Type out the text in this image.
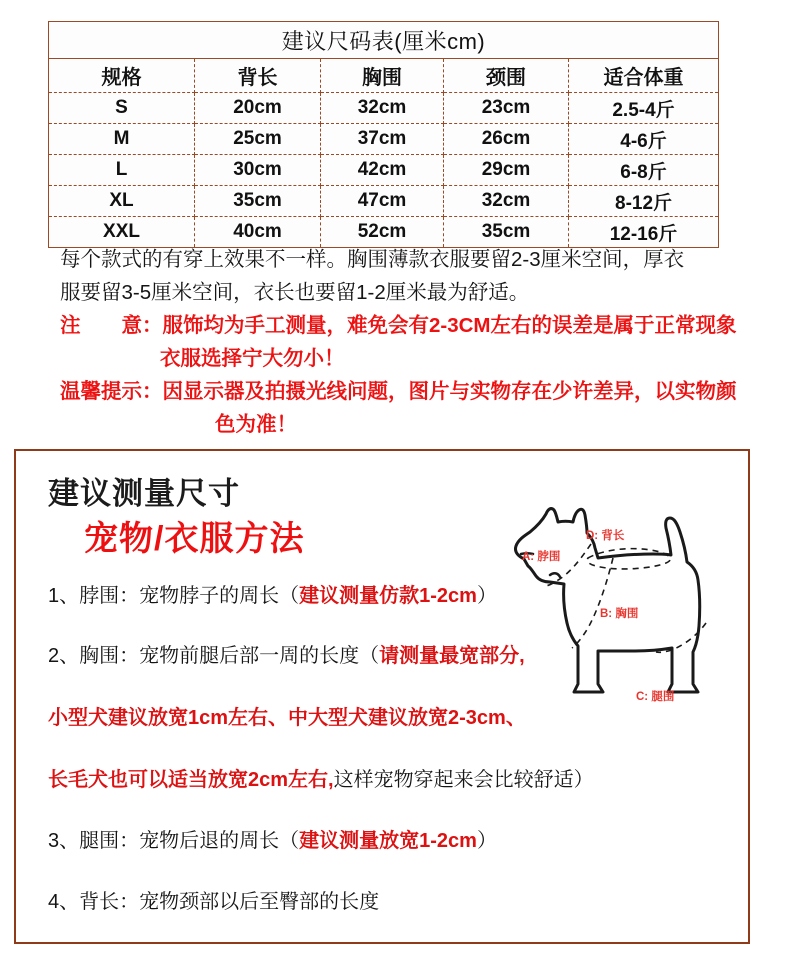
建议尺码表(厘米cm)				
规格	背长	胸围	颈围	适合体重
S	20cm	32cm	23cm	2.5-4斤
M	25cm	37cm	26cm	4-6斤
L	30cm	42cm	29cm	6-8斤
XL	35cm	47cm	32cm	8-12斤
XXL	40cm	52cm	35cm	12-16斤
每个款式的有穿上效果不一样。胸围薄款衣服要留2-3厘米空间，厚衣
服要留3-5厘米空间，衣长也要留1-2厘米最为舒适。
注　　意：服饰均为手工测量，难免会有2-3CM左右的误差是属于正常现象
衣服选择宁大勿小！
温馨提示：因显示器及拍摄光线问题，图片与实物存在少许差异，以实物颜
色为准！
建议测量尺寸
宠物/衣服方法
1、脖围：宠物脖子的周长（建议测量仿款1-2cm）
2、胸围：宠物前腿后部一周的长度（请测量最宽部分,
小型犬建议放宽1cm左右、中大型犬建议放宽2-3cm、
长毛犬也可以适当放宽2cm左右,这样宠物穿起来会比较舒适）
3、腿围：宠物后退的周长（建议测量放宽1-2cm）
4、背长：宠物颈部以后至臀部的长度
D: 背长
A: 脖围
B: 胸围
C: 腿围
